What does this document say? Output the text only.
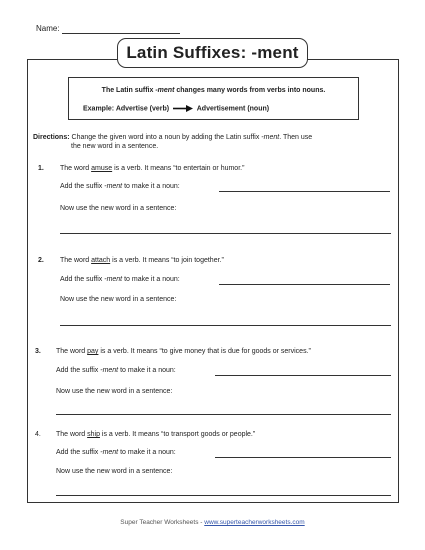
Name:
Latin Suffixes: -ment
The Latin suffix -ment changes many words from verbs into nouns.
Example: Advertise (verb)	Advertisement (noun)
Directions: Change the given word into a noun by adding the Latin suffix -ment. Then use
the new word in a sentence.
1. The word amuse is a verb. It means “to entertain or humor.”
Add the suffix -ment to make it a noun:
Now use the new word in a sentence:
2. The word attach is a verb. It means “to join together.”
Add the suffix -ment to make it a noun:
Now use the new word in a sentence:
3. The word pay is a verb. It means “to give money that is due for goods or services.”
Add the suffix -ment to make it a noun:
Now use the new word in a sentence:
4. The word ship is a verb. It means “to transport goods or people.”
Add the suffix -ment to make it a noun:
Now use the new word in a sentence:
Super Teacher Worksheets - www.superteacherworksheets.com
